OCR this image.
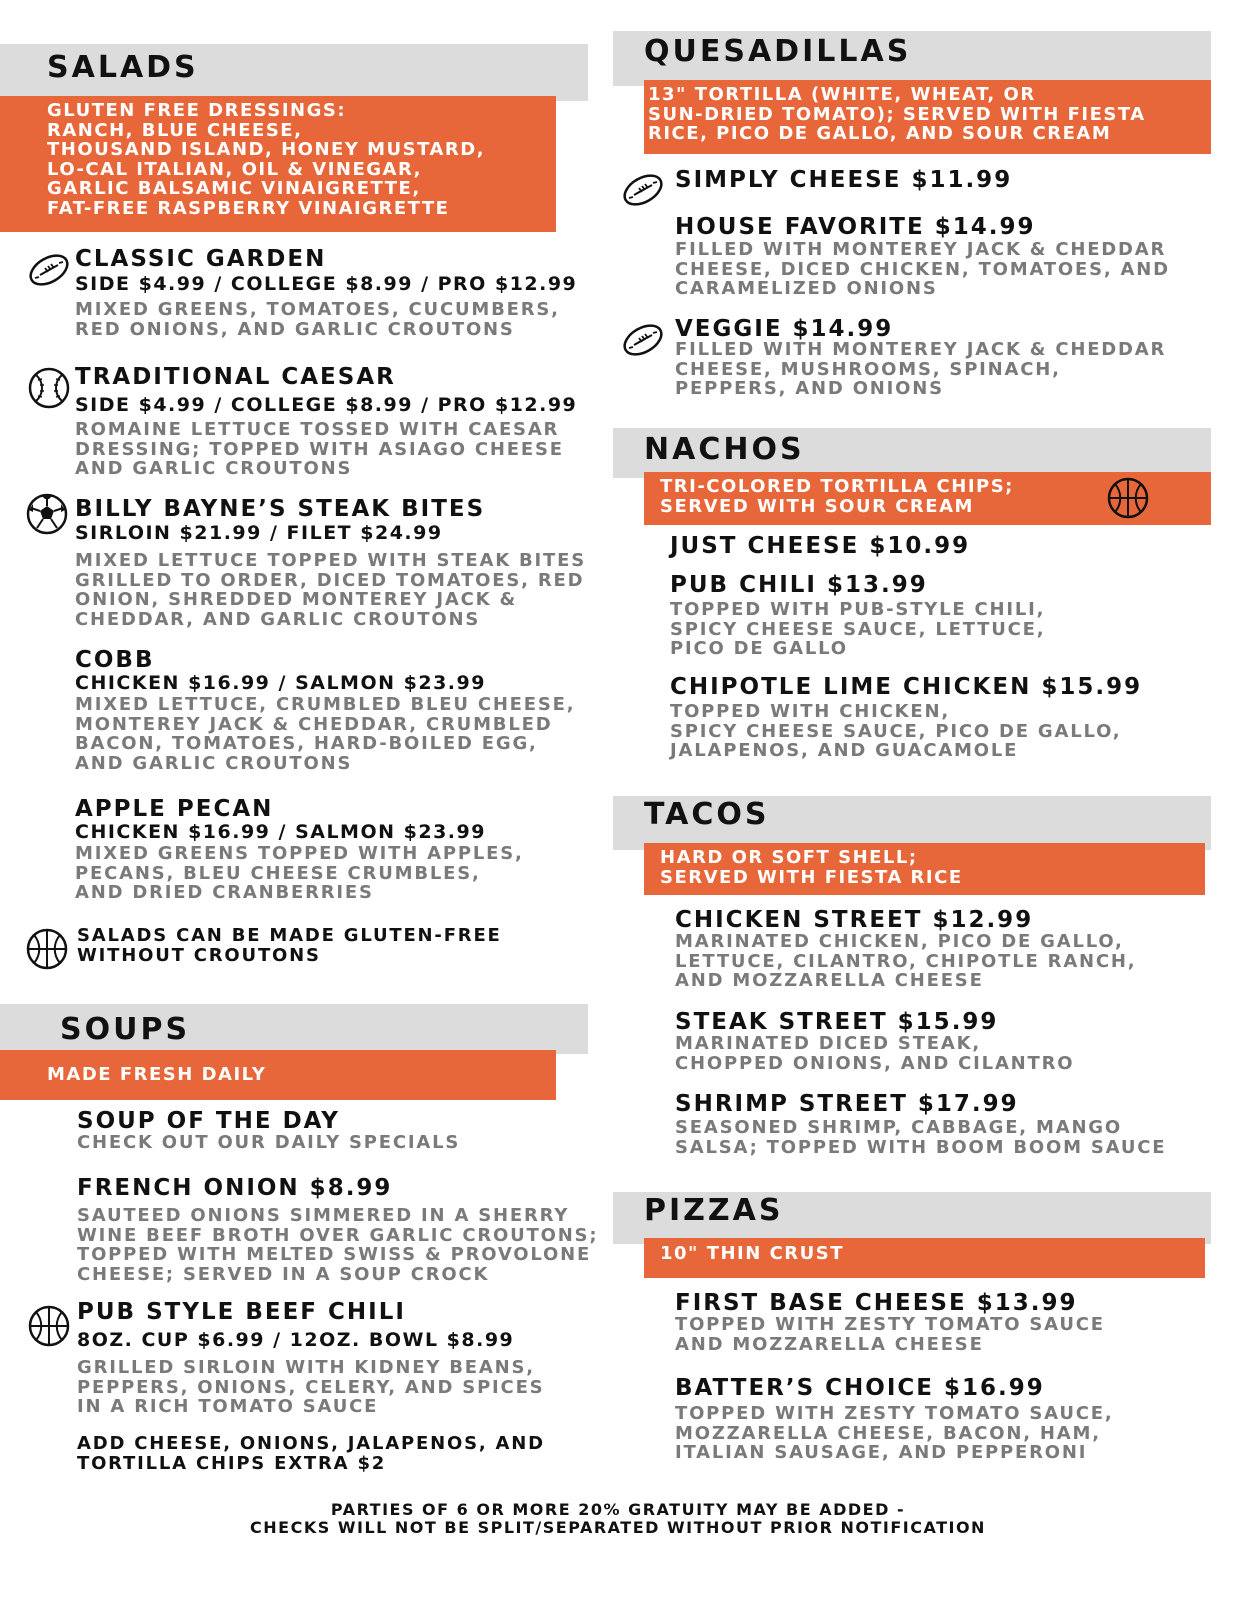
SALADS
GLUTEN FREE DRESSINGS:
RANCH, BLUE CHEESE,
THOUSAND ISLAND, HONEY MUSTARD,
LO-CAL ITALIAN, OIL & VINEGAR,
GARLIC BALSAMIC VINAIGRETTE,
FAT-FREE RASPBERRY VINAIGRETTE
CLASSIC GARDEN
SIDE $4.99 / COLLEGE $8.99 / PRO $12.99
MIXED GREENS, TOMATOES, CUCUMBERS,
RED ONIONS, AND GARLIC CROUTONS
TRADITIONAL CAESAR
SIDE $4.99 / COLLEGE $8.99 / PRO $12.99
ROMAINE LETTUCE TOSSED WITH CAESAR
DRESSING; TOPPED WITH ASIAGO CHEESE
AND GARLIC CROUTONS
BILLY BAYNE’S STEAK BITES
SIRLOIN $21.99 / FILET $24.99
MIXED LETTUCE TOPPED WITH STEAK BITES
GRILLED TO ORDER, DICED TOMATOES, RED
ONION, SHREDDED MONTEREY JACK &
CHEDDAR, AND GARLIC CROUTONS
COBB
CHICKEN $16.99 / SALMON $23.99
MIXED LETTUCE, CRUMBLED BLEU CHEESE,
MONTEREY JACK & CHEDDAR, CRUMBLED
BACON, TOMATOES, HARD-BOILED EGG,
AND GARLIC CROUTONS
APPLE PECAN
CHICKEN $16.99 / SALMON $23.99
MIXED GREENS TOPPED WITH APPLES,
PECANS, BLEU CHEESE CRUMBLES,
AND DRIED CRANBERRIES
SALADS CAN BE MADE GLUTEN-FREE
WITHOUT CROUTONS
SOUPS
MADE FRESH DAILY
SOUP OF THE DAY
CHECK OUT OUR DAILY SPECIALS
FRENCH ONION $8.99
SAUTEED ONIONS SIMMERED IN A SHERRY
WINE BEEF BROTH OVER GARLIC CROUTONS;
TOPPED WITH MELTED SWISS & PROVOLONE
CHEESE; SERVED IN A SOUP CROCK
PUB STYLE BEEF CHILI
8OZ. CUP $6.99 / 12OZ. BOWL $8.99
GRILLED SIRLOIN WITH KIDNEY BEANS,
PEPPERS, ONIONS, CELERY, AND SPICES
IN A RICH TOMATO SAUCE
ADD CHEESE, ONIONS, JALAPENOS, AND
TORTILLA CHIPS EXTRA $2
QUESADILLAS
13" TORTILLA (WHITE, WHEAT, OR
SUN-DRIED TOMATO); SERVED WITH FIESTA
RICE, PICO DE GALLO, AND SOUR CREAM
SIMPLY CHEESE $11.99
HOUSE FAVORITE $14.99
FILLED WITH MONTEREY JACK & CHEDDAR
CHEESE, DICED CHICKEN, TOMATOES, AND
CARAMELIZED ONIONS
VEGGIE $14.99
FILLED WITH MONTEREY JACK & CHEDDAR
CHEESE, MUSHROOMS, SPINACH,
PEPPERS, AND ONIONS
NACHOS
TRI-COLORED TORTILLA CHIPS;
SERVED WITH SOUR CREAM
JUST CHEESE $10.99
PUB CHILI $13.99
TOPPED WITH PUB-STYLE CHILI,
SPICY CHEESE SAUCE, LETTUCE,
PICO DE GALLO
CHIPOTLE LIME CHICKEN $15.99
TOPPED WITH CHICKEN,
SPICY CHEESE SAUCE, PICO DE GALLO,
JALAPENOS, AND GUACAMOLE
TACOS
HARD OR SOFT SHELL;
SERVED WITH FIESTA RICE
CHICKEN STREET $12.99
MARINATED CHICKEN, PICO DE GALLO,
LETTUCE, CILANTRO, CHIPOTLE RANCH,
AND MOZZARELLA CHEESE
STEAK STREET $15.99
MARINATED DICED STEAK,
CHOPPED ONIONS, AND CILANTRO
SHRIMP STREET $17.99
SEASONED SHRIMP, CABBAGE, MANGO
SALSA; TOPPED WITH BOOM BOOM SAUCE
PIZZAS
10" THIN CRUST
FIRST BASE CHEESE $13.99
TOPPED WITH ZESTY TOMATO SAUCE
AND MOZZARELLA CHEESE
BATTER’S CHOICE $16.99
TOPPED WITH ZESTY TOMATO SAUCE,
MOZZARELLA CHEESE, BACON, HAM,
ITALIAN SAUSAGE, AND PEPPERONI
PARTIES OF 6 OR MORE 20% GRATUITY MAY BE ADDED -
CHECKS WILL NOT BE SPLIT/SEPARATED WITHOUT PRIOR NOTIFICATION
